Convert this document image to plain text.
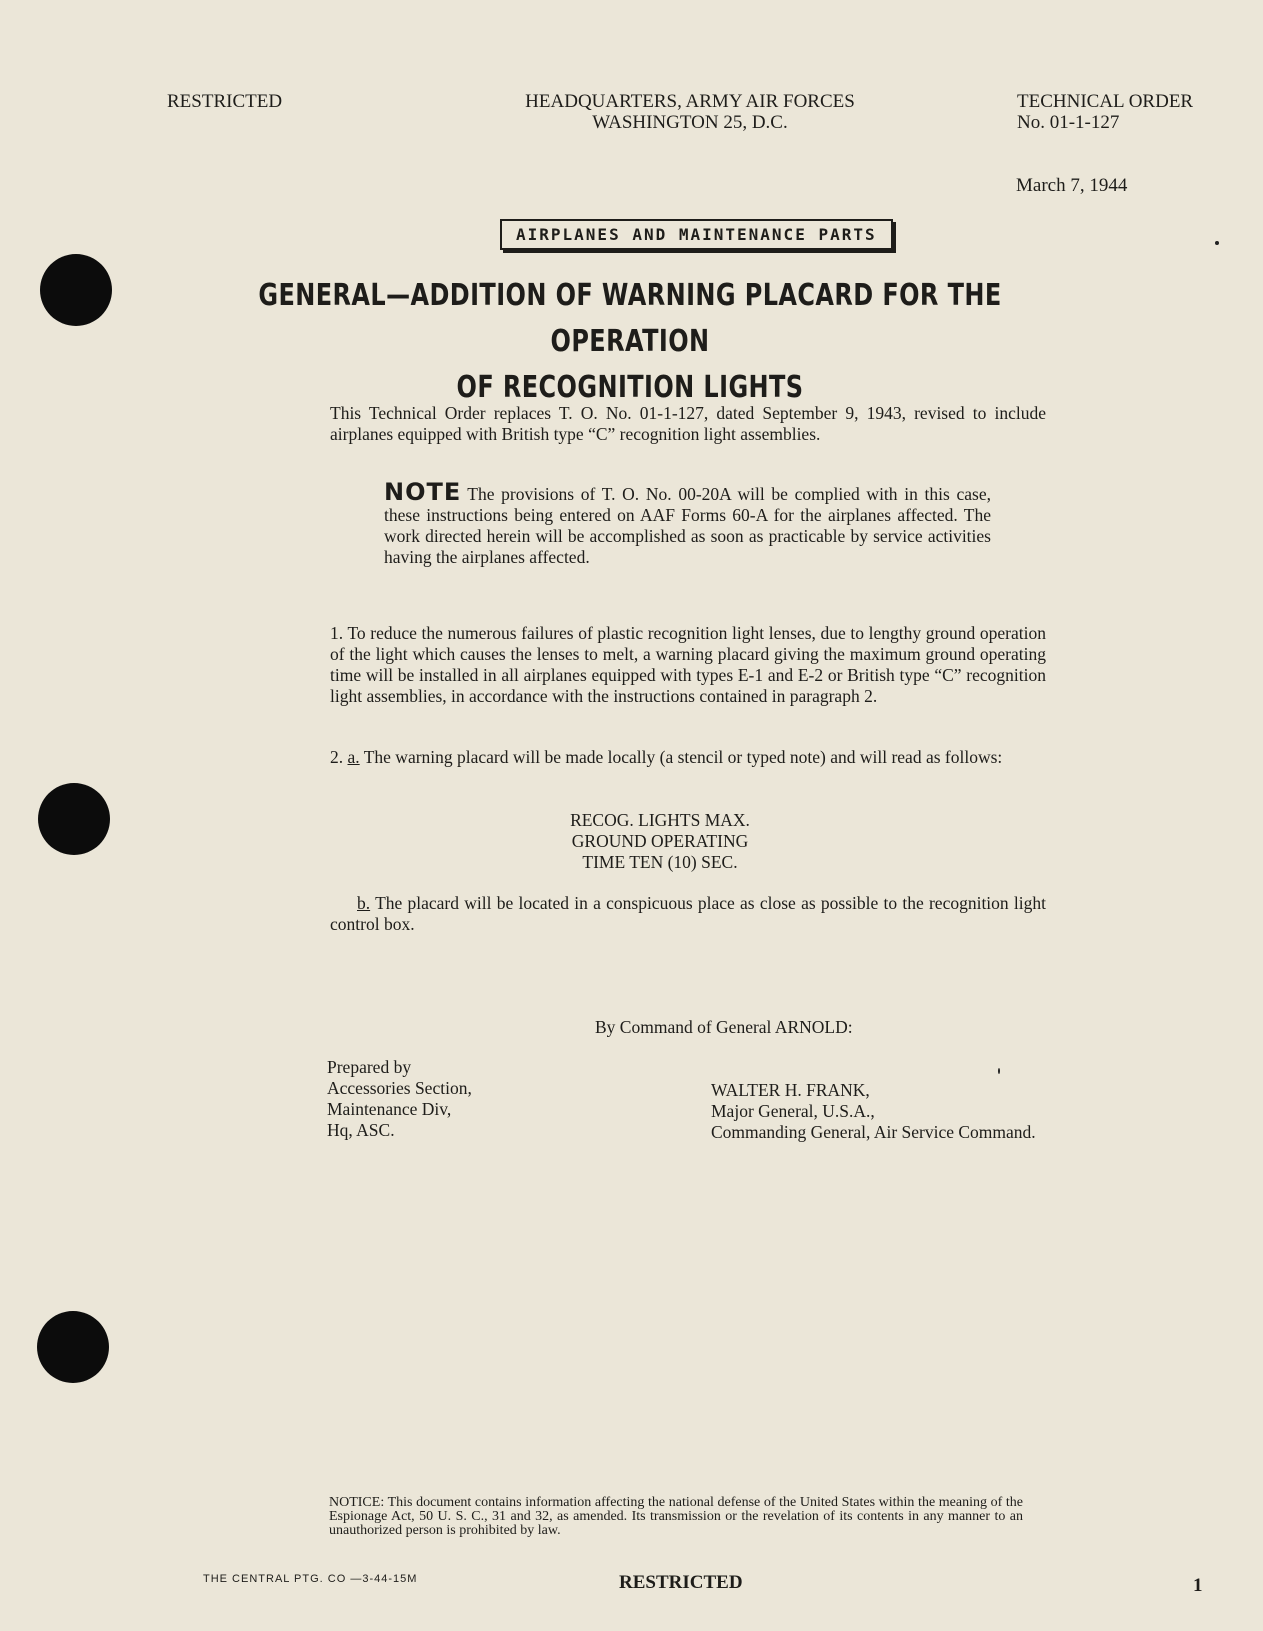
RESTRICTED	HEADQUARTERS, ARMY AIR FORCES
WASHINGTON 25, D.C.
TECHNICAL ORDER
No. 01-1-127
March 7, 1944
AIRPLANES AND MAINTENANCE PARTS
GENERAL—ADDITION OF WARNING PLACARD FOR THE OPERATION
OF RECOGNITION LIGHTS
This Technical Order replaces T. O. No. 01-1-127, dated September 9, 1943, revised to include airplanes equipped with British type “C” recognition light assemblies.
NOTE The provisions of T. O. No. 00-20A will be complied with in this case, these instructions being entered on AAF Forms 60-A for the airplanes affected. The work directed herein will be accomplished as soon as practicable by service activities having the airplanes affected.
1. To reduce the numerous failures of plastic recognition light lenses, due to lengthy ground operation of the light which causes the lenses to melt, a warning placard giving the maximum ground operating time will be installed in all airplanes equipped with types E-1 and E-2 or British type “C” recognition light assemblies, in accordance with the instructions contained in paragraph 2.
2. a. The warning placard will be made locally (a stencil or typed note) and will read as follows:
RECOG. LIGHTS MAX.
GROUND OPERATING
TIME TEN (10) SEC.
b. The placard will be located in a conspicuous place as close as possible to the recognition light control box.
By Command of General ARNOLD:
Prepared by
Accessories Section,
Maintenance Div,
Hq, ASC.
WALTER H. FRANK,
Major General, U.S.A.,
Commanding General, Air Service Command.
NOTICE: This document contains information affecting the national defense of the United States within the meaning of the Espionage Act, 50 U. S. C., 31 and 32, as amended. Its transmission or the revelation of its contents in any manner to an unauthorized person is prohibited by law.
THE CENTRAL PTG. CO —3-44-15M	RESTRICTED	1
